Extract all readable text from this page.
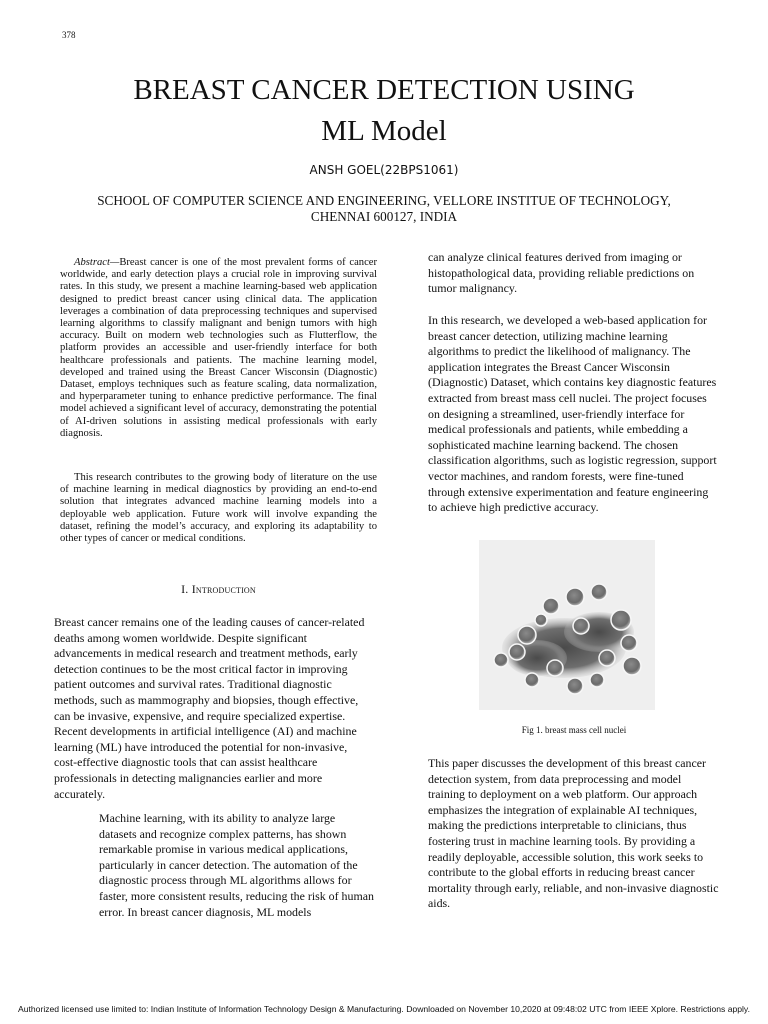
378
BREAST CANCER DETECTION USING
ML Model
ANSH GOEL(22BPS1061)
SCHOOL OF COMPUTER SCIENCE AND ENGINEERING, VELLORE INSTITUE OF TECHNOLOGY,
CHENNAI 600127, INDIA

Abstract—Breast cancer is one of the most prevalent forms of cancer worldwide, and early detection plays a crucial role in improving survival rates. In this study, we present a machine learning-based web application designed to predict breast cancer using clinical data. The application leverages a combination of data preprocessing techniques and supervised learning algorithms to classify malignant and benign tumors with high accuracy. Built on modern web technologies such as Flutterflow, the platform provides an accessible and user-friendly interface for both healthcare professionals and patients. The machine learning model, developed and trained using the Breast Cancer Wisconsin (Diagnostic) Dataset, employs techniques such as feature scaling, data normalization, and hyperparameter tuning to enhance predictive performance. The final model achieved a significant level of accuracy, demonstrating the potential of AI-driven solutions in assisting medical professionals with early diagnosis.

This research contributes to the growing body of literature on the use of machine learning in medical diagnostics by providing an end-to-end solution that integrates advanced machine learning models into a deployable web application. Future work will involve expanding the dataset, refining the model’s accuracy, and exploring its adaptability to other types of cancer or medical conditions.

I. Introduction

Breast cancer remains one of the leading causes of cancer-related deaths among women worldwide. Despite significant advancements in medical research and treatment methods, early detection continues to be the most critical factor in improving patient outcomes and survival rates. Traditional diagnostic methods, such as mammography and biopsies, though effective, can be invasive, expensive, and require specialized expertise. Recent developments in artificial intelligence (AI) and machine learning (ML) have introduced the potential for non-invasive, cost-effective diagnostic tools that can assist healthcare professionals in detecting malignancies earlier and more accurately.

Machine learning, with its ability to analyze large datasets and recognize complex patterns, has shown remarkable promise in various medical applications, particularly in cancer detection. The automation of the diagnostic process through ML algorithms allows for faster, more consistent results, reducing the risk of human error. In breast cancer diagnosis, ML models

can analyze clinical features derived from imaging or histopathological data, providing reliable predictions on tumor malignancy.

In this research, we developed a web-based application for breast cancer detection, utilizing machine learning algorithms to predict the likelihood of malignancy. The application integrates the Breast Cancer Wisconsin (Diagnostic) Dataset, which contains key diagnostic features extracted from breast mass cell nuclei. The project focuses on designing a streamlined, user-friendly interface for medical professionals and patients, while embedding a sophisticated machine learning backend. The chosen classification algorithms, such as logistic regression, support vector machines, and random forests, were fine-tuned through extensive experimentation and feature engineering to achieve high predictive accuracy.

Fig 1. breast mass cell nuclei

This paper discusses the development of this breast cancer detection system, from data preprocessing and model training to deployment on a web platform. Our approach emphasizes the integration of explainable AI techniques, making the predictions interpretable to clinicians, thus fostering trust in machine learning tools. By providing a readily deployable, accessible solution, this work seeks to contribute to the global efforts in reducing breast cancer mortality through early, reliable, and non-invasive diagnostic aids.

Authorized licensed use limited to: Indian Institute of Information Technology Design & Manufacturing. Downloaded on November 10,2020 at 09:48:02 UTC from IEEE Xplore. Restrictions apply.
